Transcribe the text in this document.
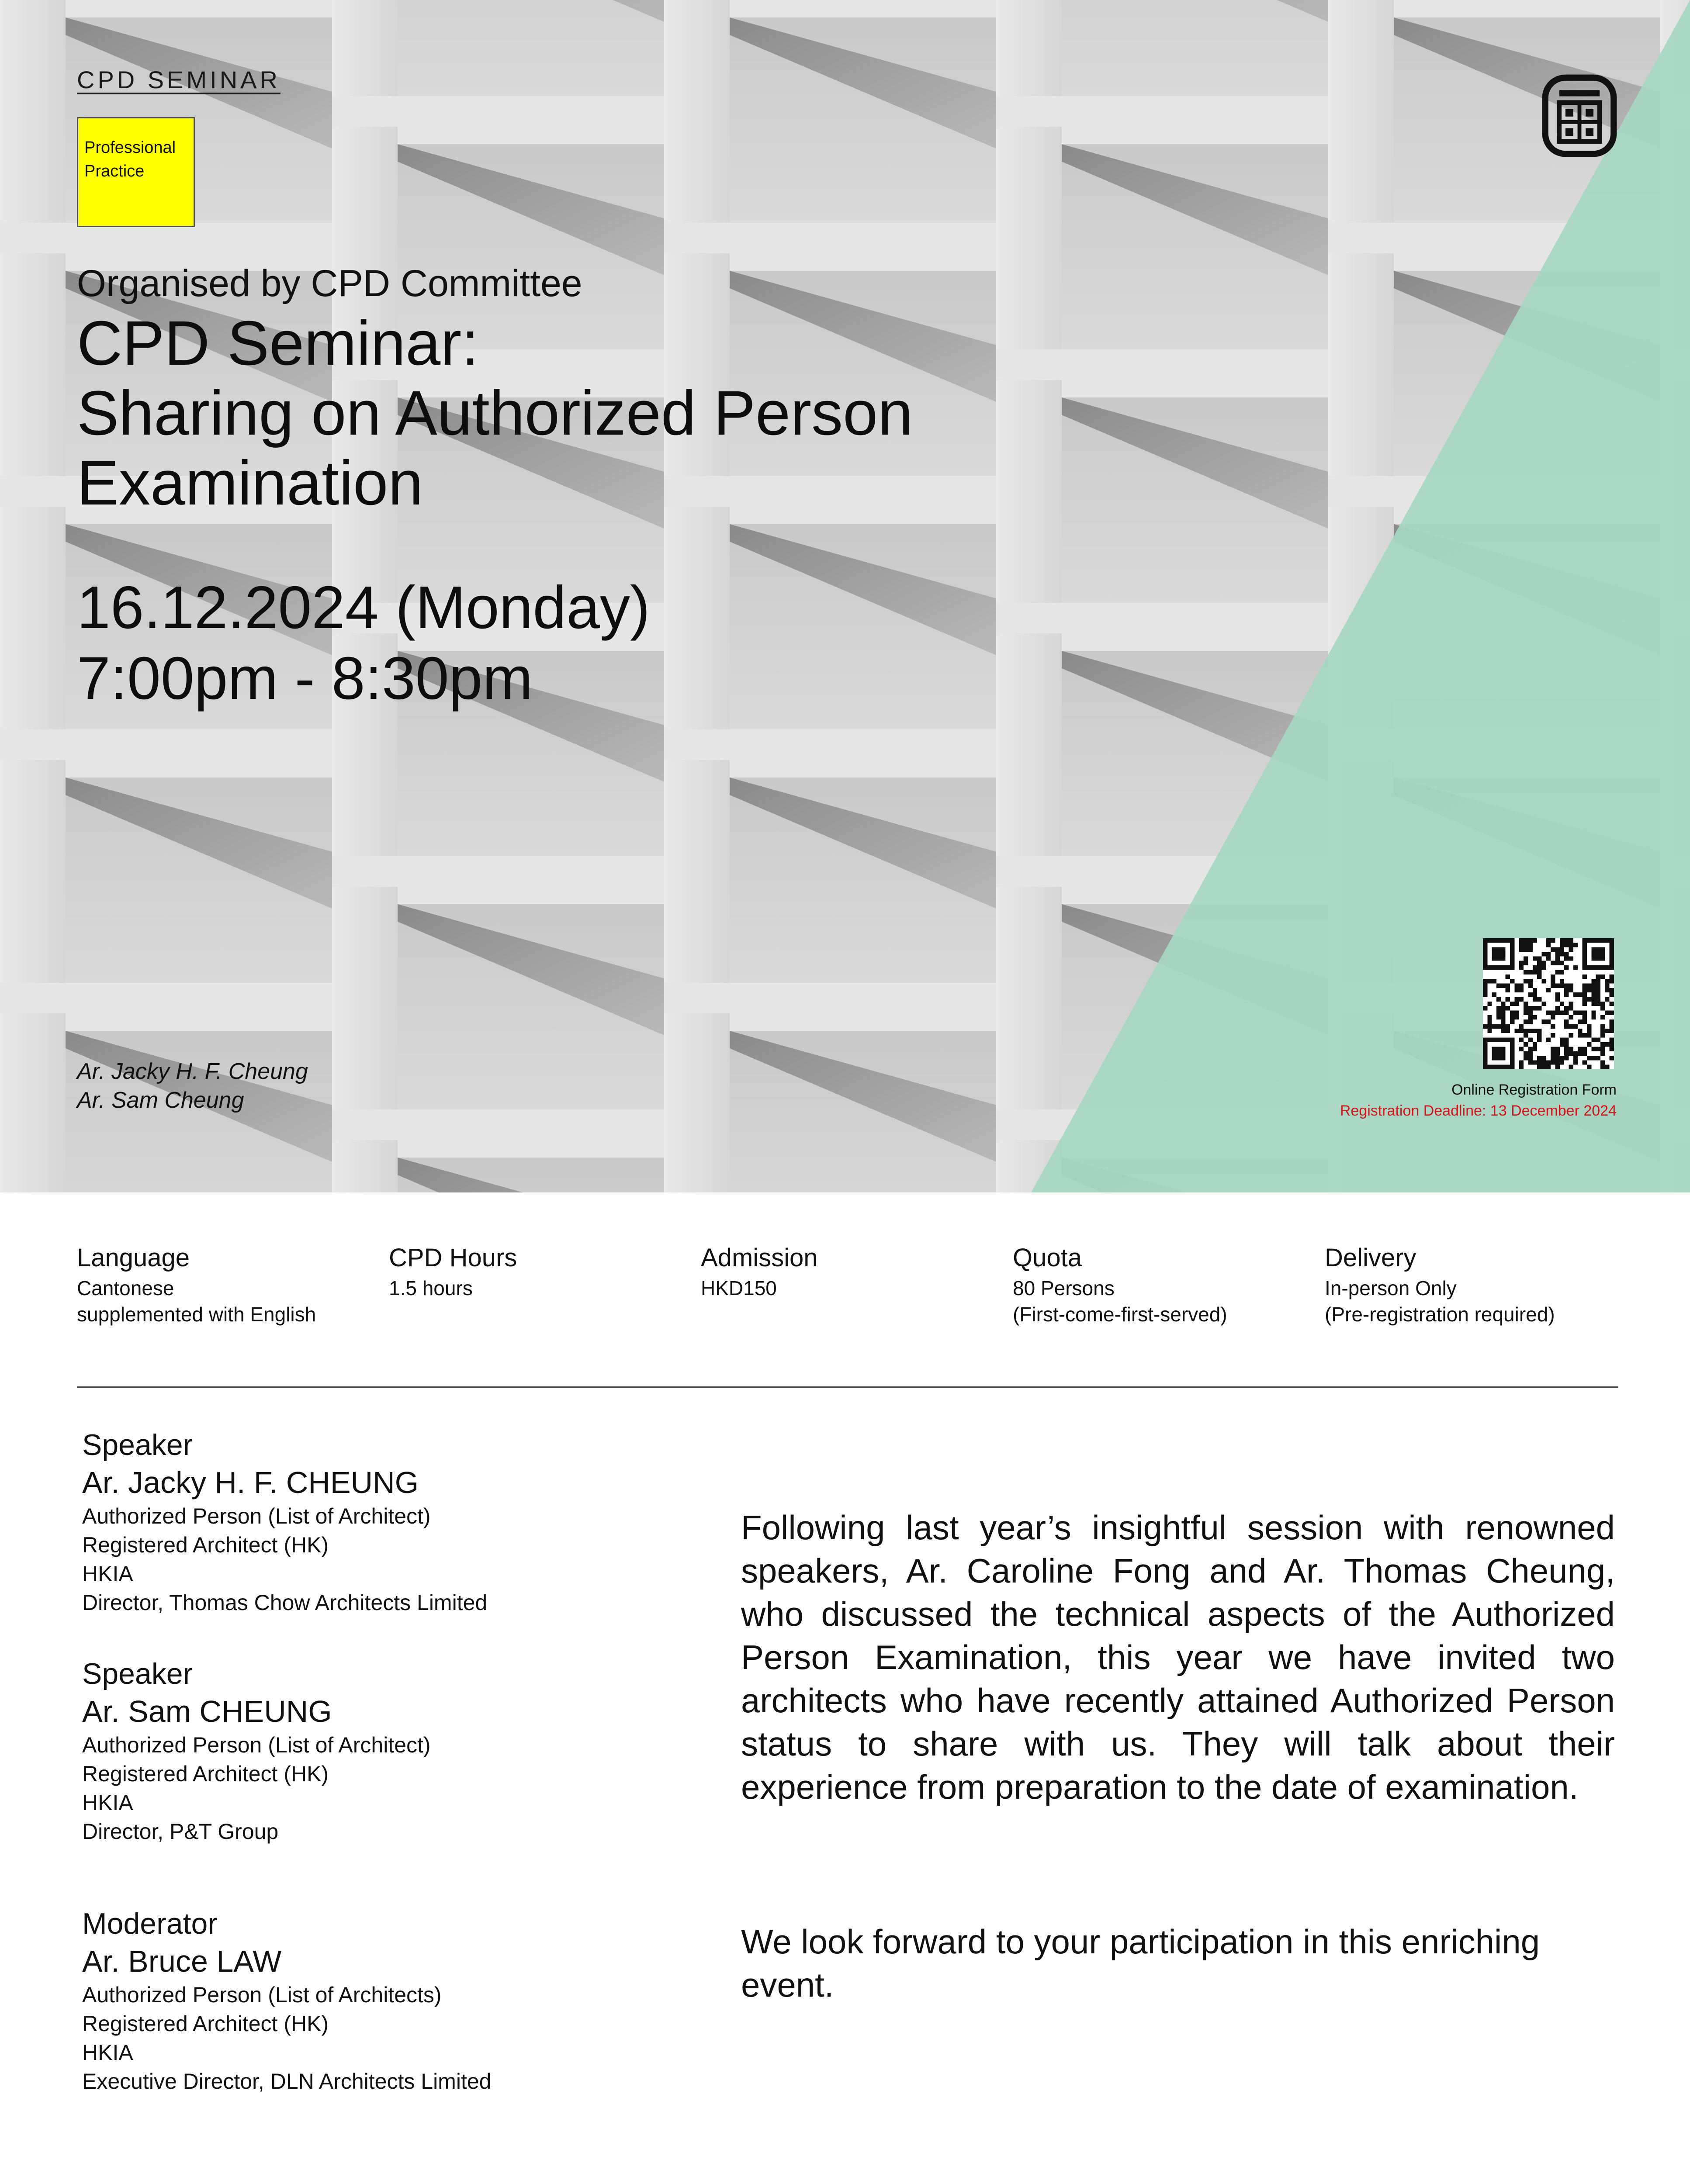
CPD SEMINAR
Professional
Practice
Organised by CPD Committee
CPD Seminar:
Sharing on Authorized Person
Examination
16.12.2024 (Monday)
7:00pm - 8:30pm
Ar. Jacky H. F. Cheung
Ar. Sam Cheung	Online Registration Form
Registration Deadline: 13 December 2024
Language
Cantonese
supplemented with English
CPD Hours
1.5 hours
Admission
HKD150
Quota
80 Persons
(First-come-first-served)
Delivery
In-person Only
(Pre-registration required)
Speaker
Ar. Jacky H. F. CHEUNG
Authorized Person (List of Architect)
Registered Architect (HK)
HKIA
Director, Thomas Chow Architects Limited
Speaker
Ar. Sam CHEUNG
Authorized Person (List of Architect)
Registered Architect (HK)
HKIA
Director, P&T Group
Moderator
Ar. Bruce LAW
Authorized Person (List of Architects)
Registered Architect (HK)
HKIA
Executive Director, DLN Architects Limited
Following last year’s insightful session with renowned speakers, Ar. Caroline Fong and Ar. Thomas Cheung, who discussed the technical aspects of the Authorized Person Examination, this year we have invited two architects who have recently attained Authorized Person status to share with us. They will talk about their experience from preparation to the date of examination.
We look forward to your participation in this enriching event.
